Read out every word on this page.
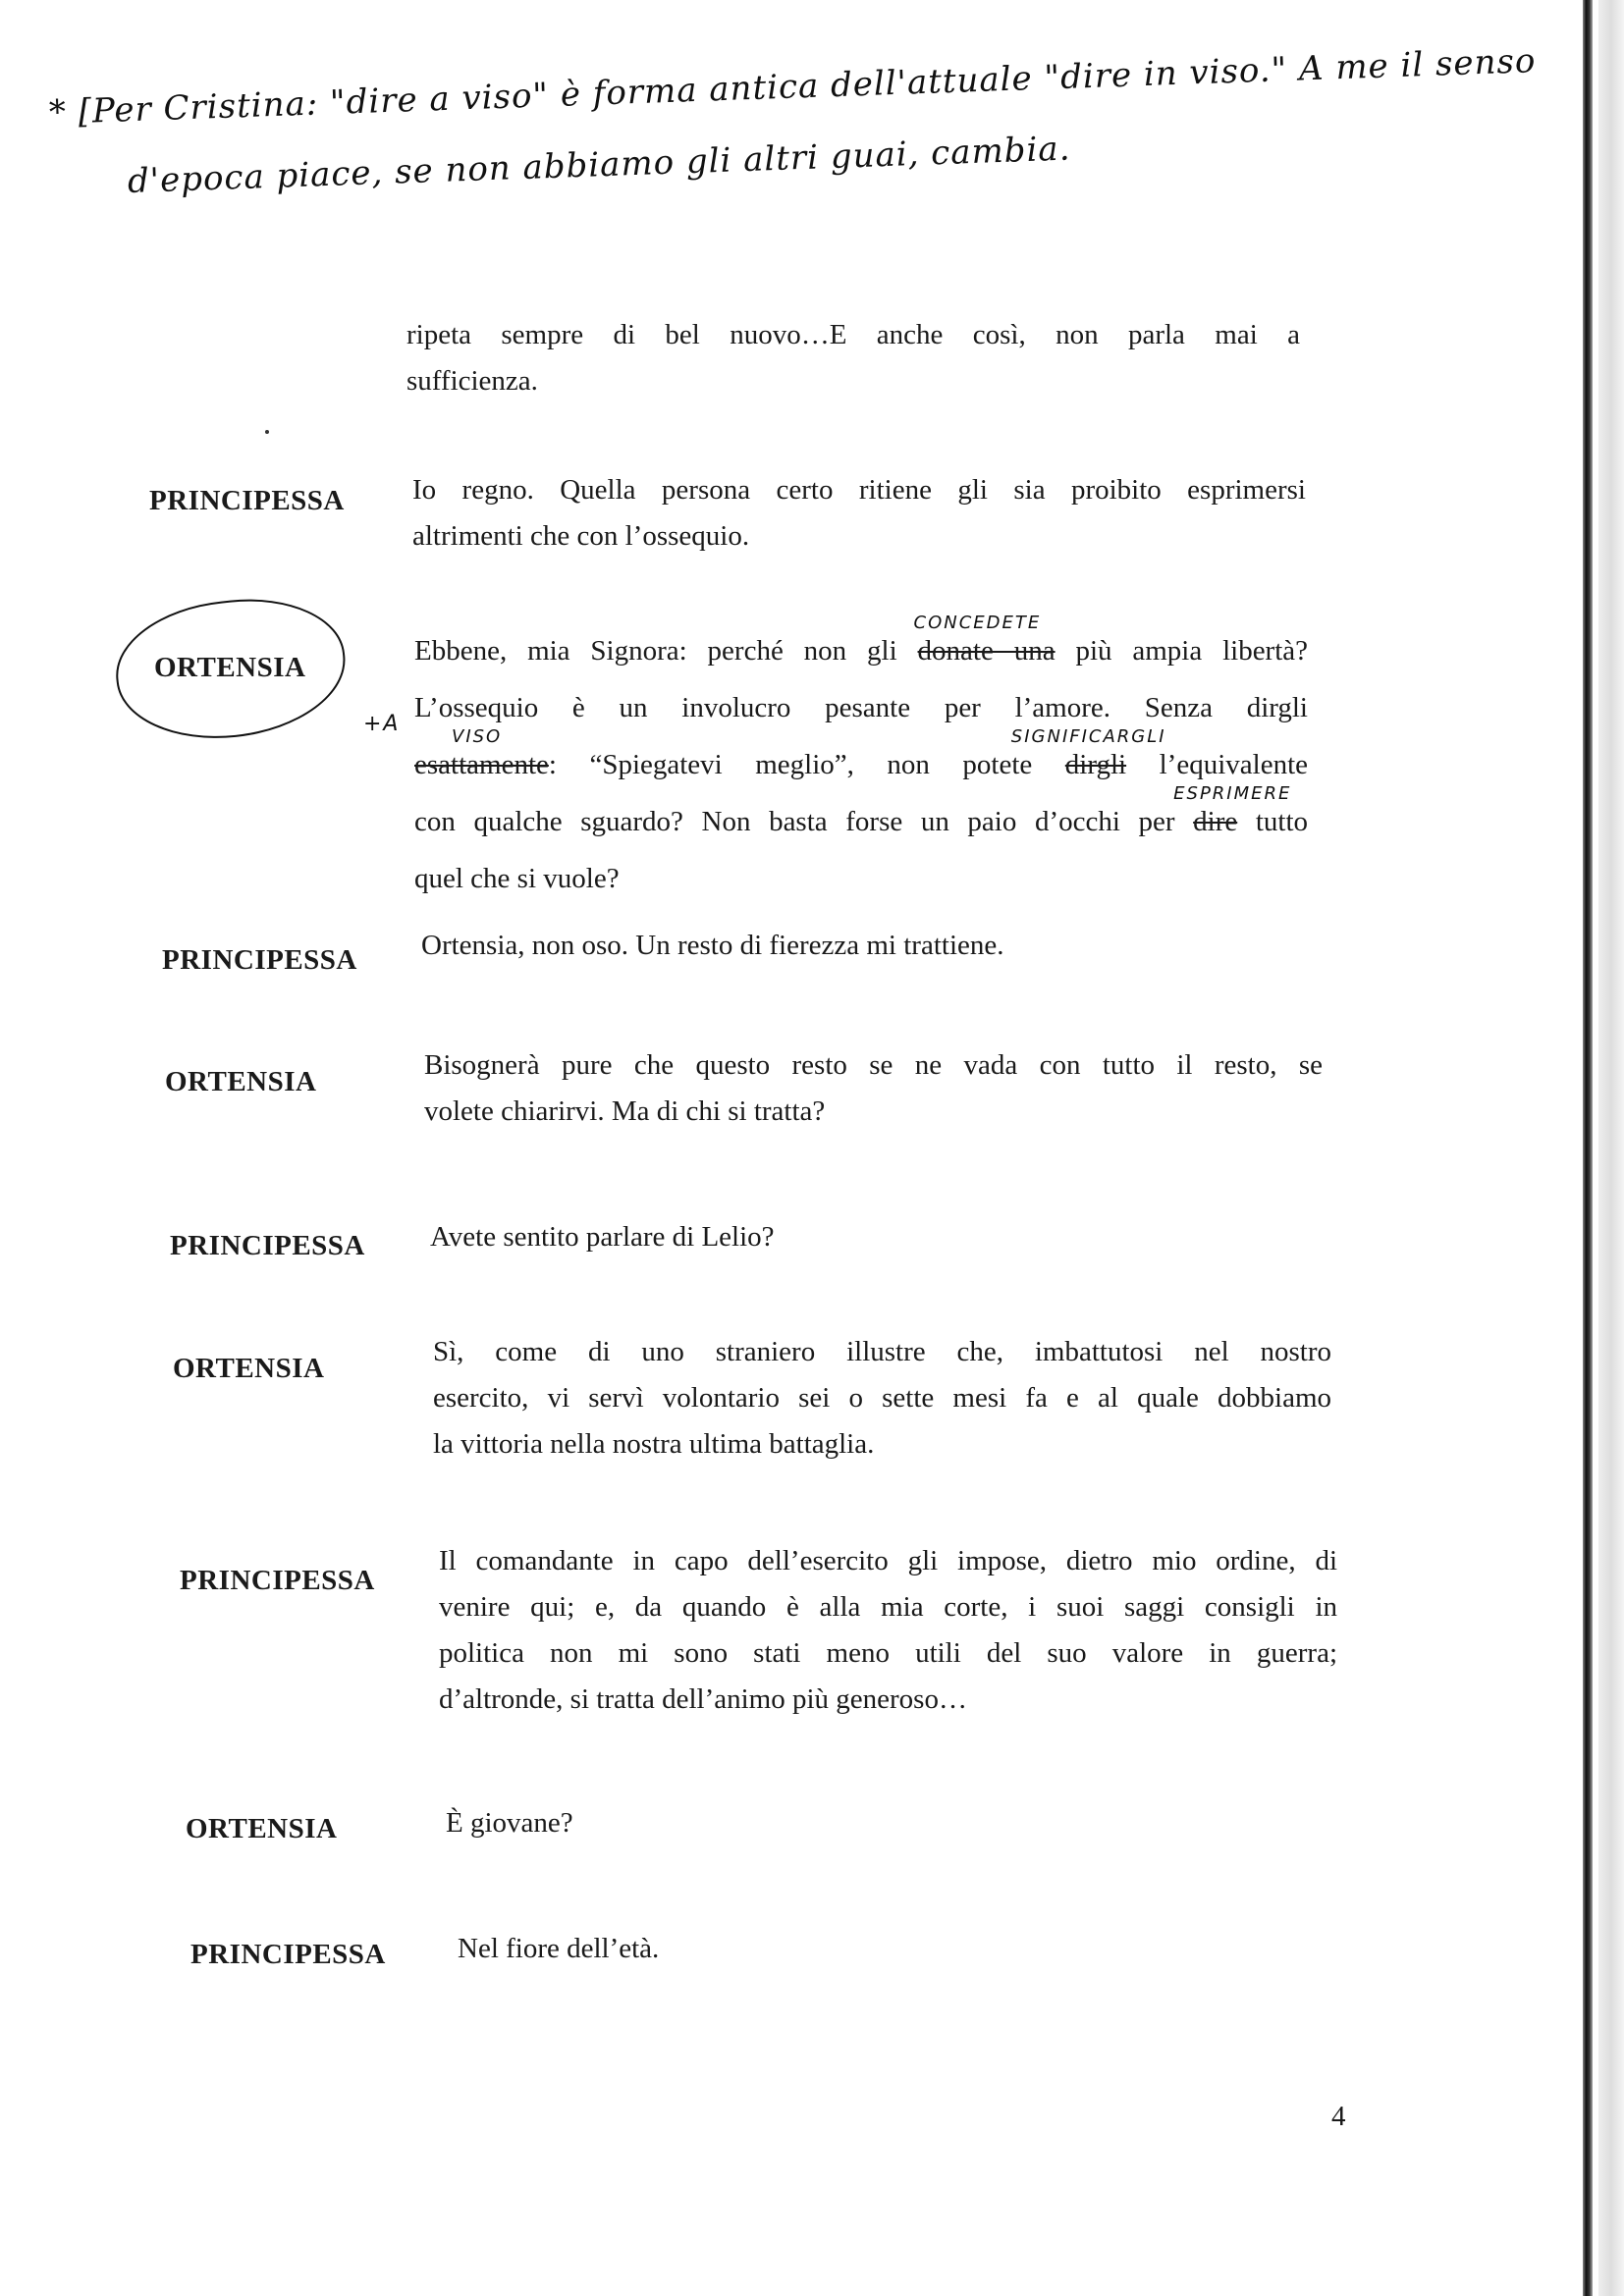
* [Per Cristina: "dire a viso" è forma antica dell'attuale "dire in viso." A me il senso
d'epoca piace, se non abbiamo gli altri guai, cambia.
ripeta sempre di bel nuovo…E anche così, non parla mai a
sufficienza.
PRINCIPESSA Io regno. Quella persona certo ritiene gli sia proibito esprimersi
altrimenti che con l’ossequio.
ORTENSIA
+A
Ebbene, mia Signora: perché non gli donate una
CONCEDETE
più ampia libertà?
L’ossequio è un involucro pesante per l’amore. Senza dirgli
esattamente
VISO
: “Spiegatevi meglio”, non potete dirgli
SIGNIFICARGLI
l’equivalente
con qualche sguardo? Non basta forse un paio d’occhi per dire
ESPRIMERE
tutto
quel che si vuole?
PRINCIPESSA Ortensia, non oso. Un resto di fierezza mi trattiene.
ORTENSIA
Bisognerà pure che questo resto se ne vada con tutto il resto, se
volete chiarirvi. Ma di chi si tratta?
PRINCIPESSA Avete sentito parlare di Lelio?
ORTENSIA
Sì, come di uno straniero illustre che, imbattutosi nel nostro
esercito, vi servì volontario sei o sette mesi fa e al quale dobbiamo
la vittoria nella nostra ultima battaglia.
PRINCIPESSA
Il comandante in capo dell’esercito gli impose, dietro mio ordine, di
venire qui; e, da quando è alla mia corte, i suoi saggi consigli in
politica non mi sono stati meno utili del suo valore in guerra;
d’altronde, si tratta dell’animo più generoso…
ORTENSIA	È giovane?
PRINCIPESSA	Nel fiore dell’età.
4
